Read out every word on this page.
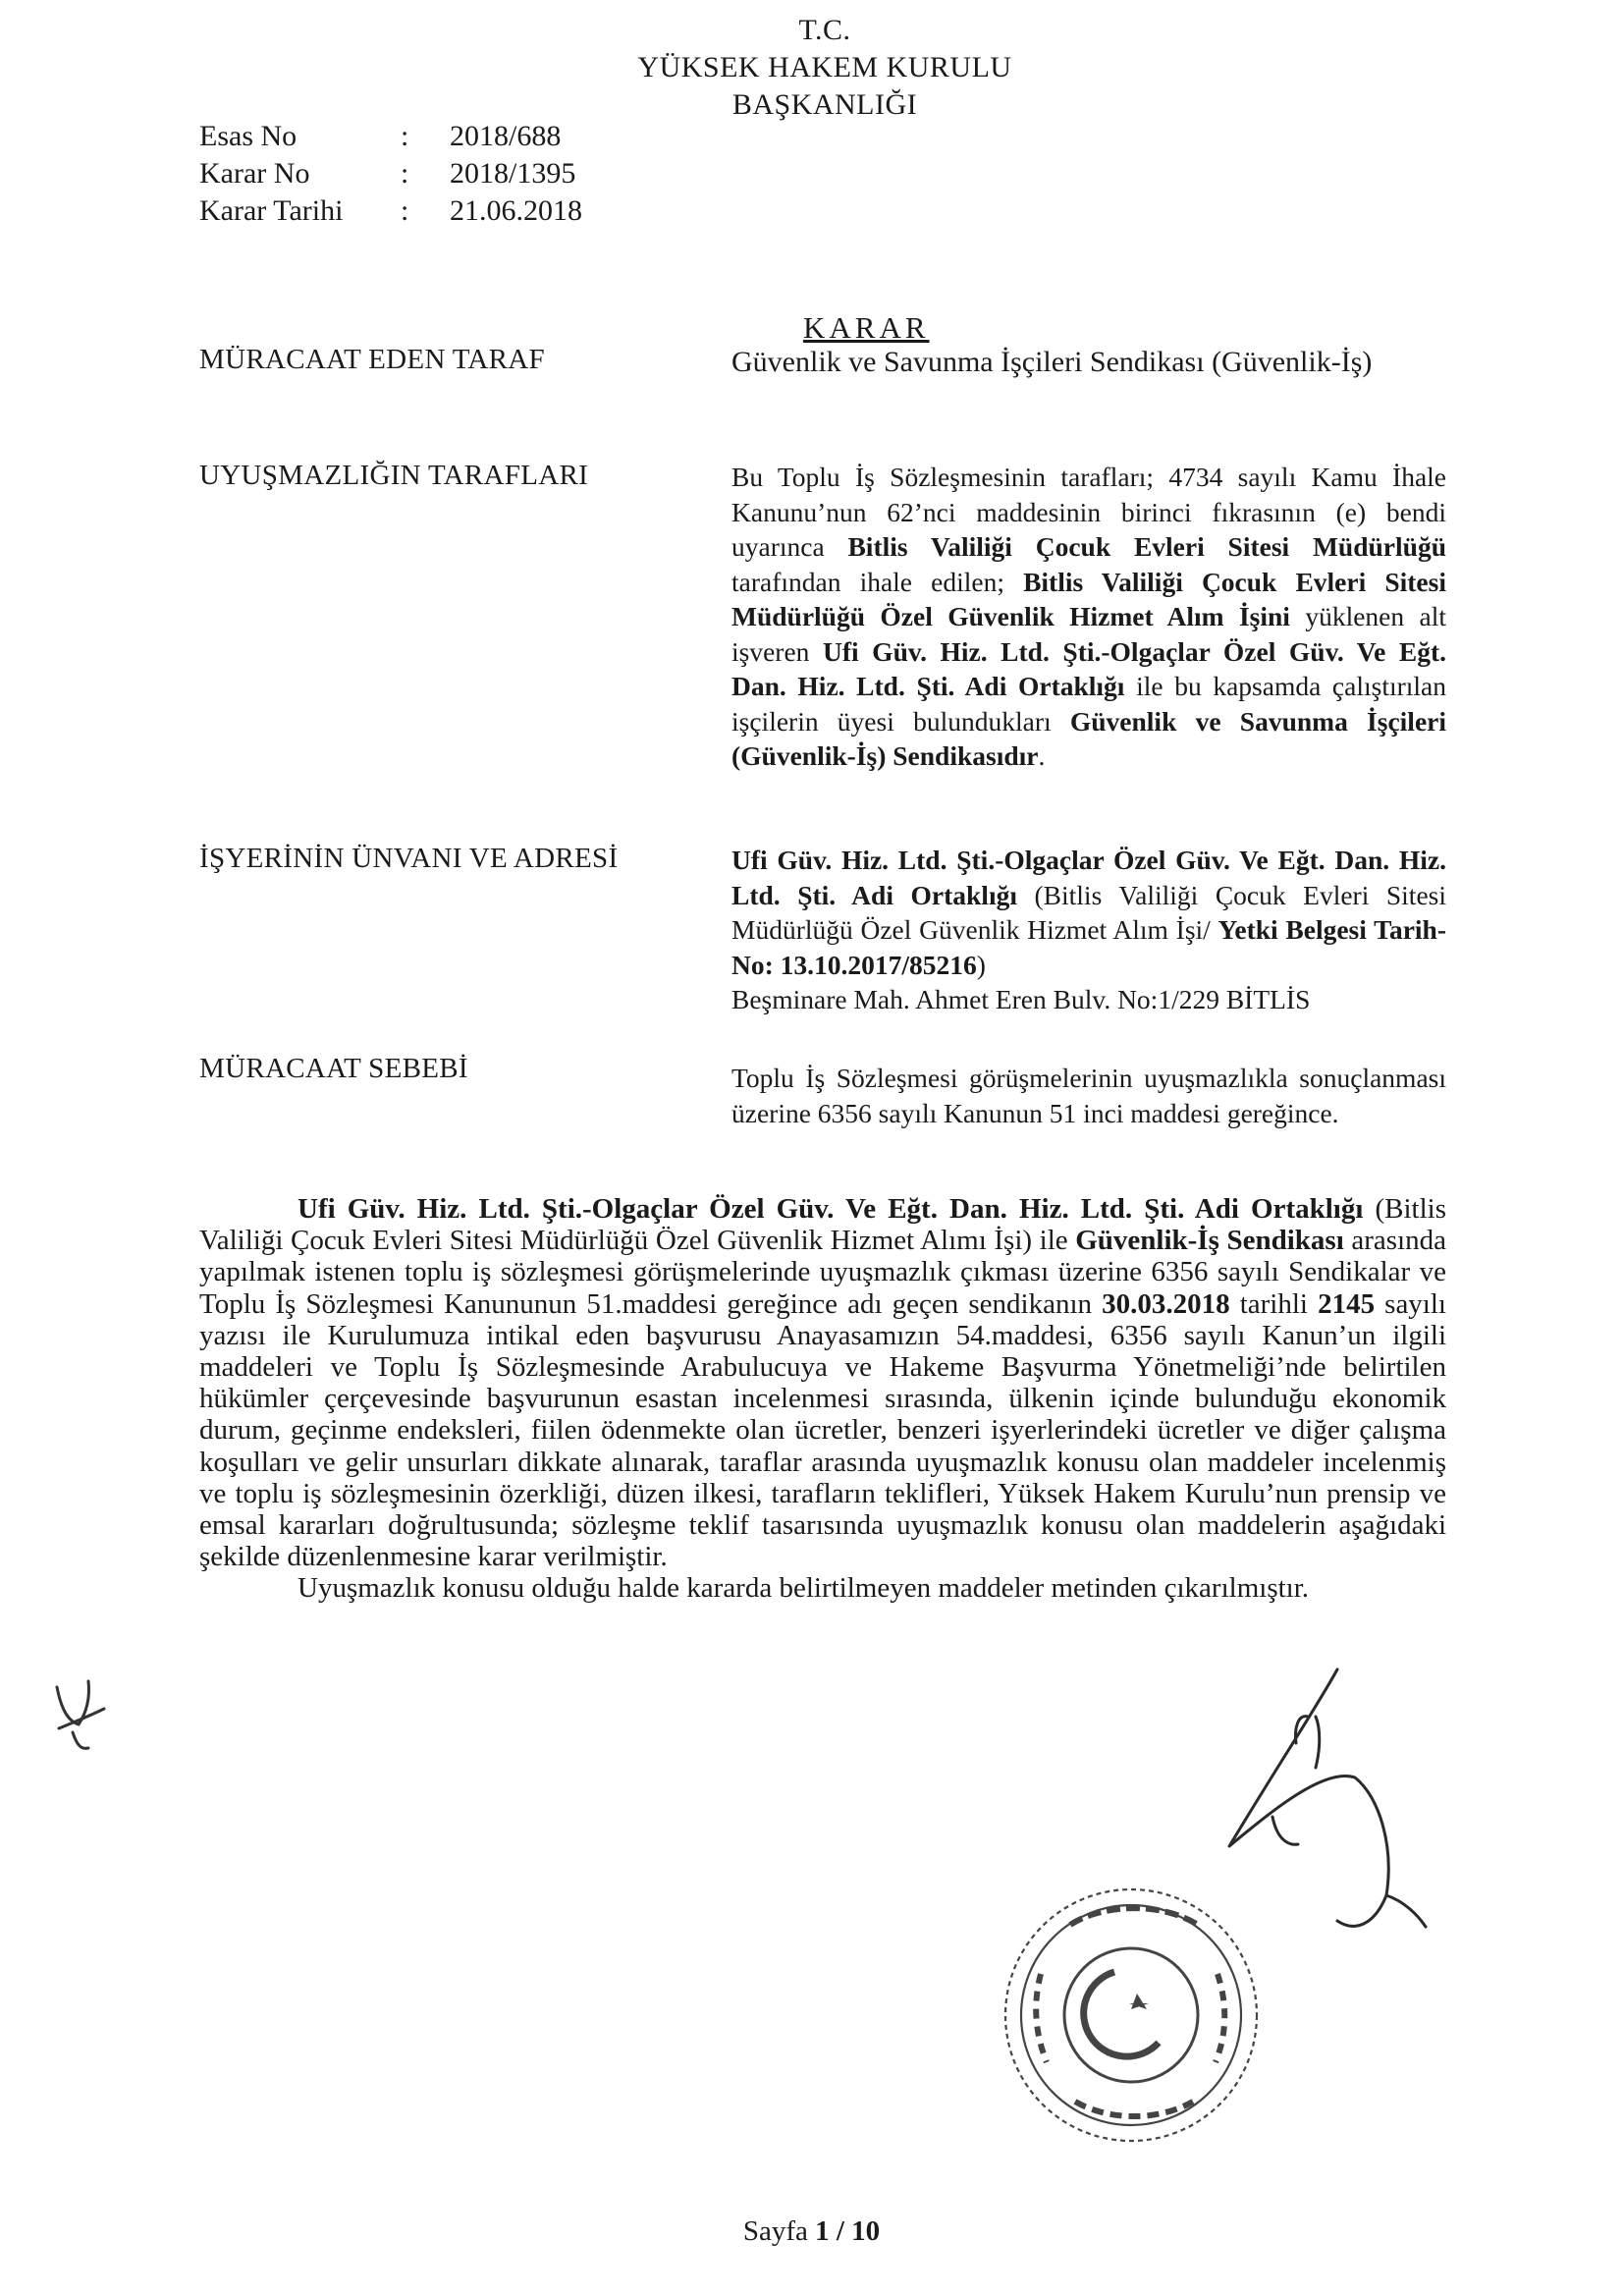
T.C.
YÜKSEK HAKEM KURULU
BAŞKANLIĞI
Esas No	:	2018/688
Karar No	:	2018/1395
Karar Tarihi	:	21.06.2018
KARAR
MÜRACAAT EDEN TARAF	Güvenlik ve Savunma İşçileri Sendikası (Güvenlik-İş)
UYUŞMAZLIĞIN TARAFLARI	Bu Toplu İş Sözleşmesinin tarafları; 4734 sayılı Kamu İhale Kanunu’nun 62’nci maddesinin birinci fıkrasının (e) bendi uyarınca Bitlis Valiliği Çocuk Evleri Sitesi Müdürlüğü tarafından ihale edilen; Bitlis Valiliği Çocuk Evleri Sitesi Müdürlüğü Özel Güvenlik Hizmet Alım İşini yüklenen alt işveren Ufi Güv. Hiz. Ltd. Şti.-Olgaçlar Özel Güv. Ve Eğt. Dan. Hiz. Ltd. Şti. Adi Ortaklığı ile bu kapsamda çalıştırılan işçilerin üyesi bulundukları Güvenlik ve Savunma İşçileri (Güvenlik-İş) Sendikasıdır.
İŞYERİNİN ÜNVANI VE ADRESİ	Ufi Güv. Hiz. Ltd. Şti.-Olgaçlar Özel Güv. Ve Eğt. Dan. Hiz. Ltd. Şti. Adi Ortaklığı (Bitlis Valiliği Çocuk Evleri Sitesi Müdürlüğü Özel Güvenlik Hizmet Alım İşi/ Yetki Belgesi Tarih-No: 13.10.2017/85216)
Beşminare Mah. Ahmet Eren Bulv. No:1/229 BİTLİS
MÜRACAAT SEBEBİ	Toplu İş Sözleşmesi görüşmelerinin uyuşmazlıkla sonuçlanması üzerine 6356 sayılı Kanunun 51 inci maddesi gereğince.

Ufi Güv. Hiz. Ltd. Şti.-Olgaçlar Özel Güv. Ve Eğt. Dan. Hiz. Ltd. Şti. Adi Ortaklığı (Bitlis Valiliği Çocuk Evleri Sitesi Müdürlüğü Özel Güvenlik Hizmet Alımı İşi) ile Güvenlik-İş Sendikası arasında yapılmak istenen toplu iş sözleşmesi görüşmelerinde uyuşmazlık çıkması üzerine 6356 sayılı Sendikalar ve Toplu İş Sözleşmesi Kanununun 51.maddesi gereğince adı geçen sendikanın 30.03.2018 tarihli 2145 sayılı yazısı ile Kurulumuza intikal eden başvurusu Anayasamızın 54.maddesi, 6356 sayılı Kanun’un ilgili maddeleri ve Toplu İş Sözleşmesinde Arabulucuya ve Hakeme Başvurma Yönetmeliği’nde belirtilen hükümler çerçevesinde başvurunun esastan incelenmesi sırasında, ülkenin içinde bulunduğu ekonomik durum, geçinme endeksleri, fiilen ödenmekte olan ücretler, benzeri işyerlerindeki ücretler ve diğer çalışma koşulları ve gelir unsurları dikkate alınarak, taraflar arasında uyuşmazlık konusu olan maddeler incelenmiş ve toplu iş sözleşmesinin özerkliği, düzen ilkesi, tarafların teklifleri, Yüksek Hakem Kurulu’nun prensip ve emsal kararları doğrultusunda; sözleşme teklif tasarısında uyuşmazlık konusu olan maddelerin aşağıdaki şekilde düzenlenmesine karar verilmiştir.

Uyuşmazlık konusu olduğu halde kararda belirtilmeyen maddeler metinden çıkarılmıştır.

Sayfa 1 / 10
